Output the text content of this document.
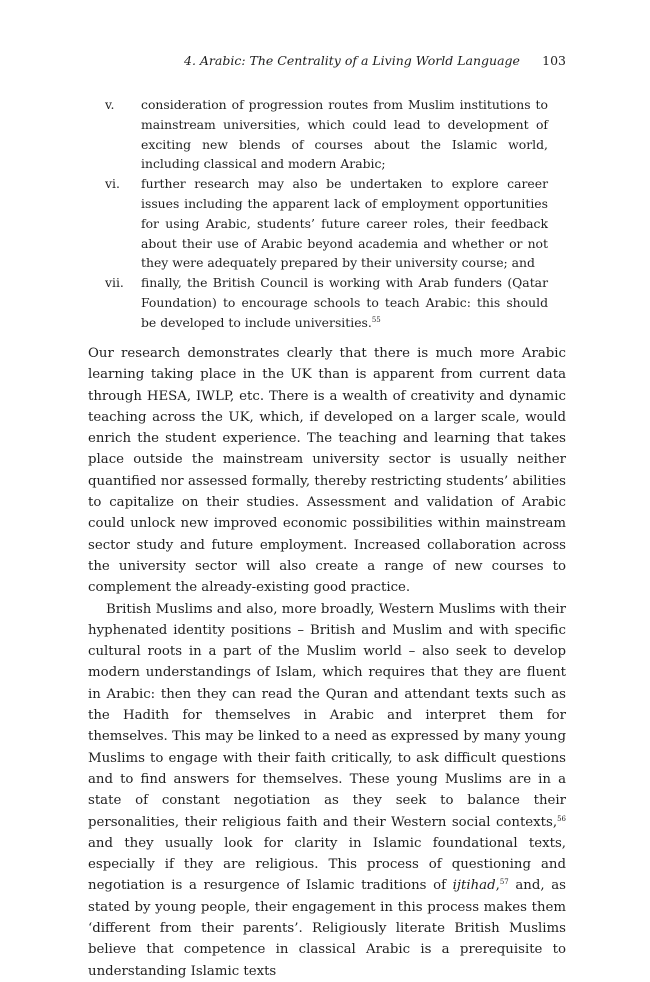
4. Arabic: The Centrality of a Living World Language 103
v.	consideration of progression routes from Muslim institutions to mainstream universities, which could lead to development of exciting new blends of courses about the Islamic world, including classical and modern Arabic;
vi.	further research may also be undertaken to explore career issues including the apparent lack of employment opportunities for using Arabic, students’ future career roles, their feedback about their use of Arabic beyond academia and whether or not they were adequately prepared by their university course; and
vii.	finally, the British Council is working with Arab funders (Qatar Foundation) to encourage schools to teach Arabic: this should be developed to include universities.$^{55}$

Our research demonstrates clearly that there is much more Arabic learning taking place in the UK than is apparent from current data through HESA, IWLP, etc. There is a wealth of creativity and dynamic teaching across the UK, which, if developed on a larger scale, would enrich the student experience. The teaching and learning that takes place outside the mainstream university sector is usually neither quantified nor assessed formally, thereby restricting students’ abilities to capitalize on their studies. Assessment and validation of Arabic could unlock new improved economic possibilities within mainstream sector study and future employment. Increased collaboration across the university sector will also create a range of new courses to complement the already-existing good practice.

British Muslims and also, more broadly, Western Muslims with their hyphenated identity positions – British and Muslim and with specific cultural roots in a part of the Muslim world – also seek to develop modern understandings of Islam, which requires that they are fluent in Arabic: then they can read the Quran and attendant texts such as the Hadith for themselves in Arabic and interpret them for themselves. This may be linked to a need as expressed by many young Muslims to engage with their faith critically, to ask difficult questions and to find answers for themselves. These young Muslims are in a state of constant negotiation as they seek to balance their personalities, their religious faith and their Western social contexts,$^{56}$ and they usually look for clarity in Islamic foundational texts, especially if they are religious. This process of questioning and negotiation is a resurgence of Islamic traditions of ijtihad,$^{57}$ and, as stated by young people, their engagement in this process makes them ‘different from their parents’. Religiously literate British Muslims believe that competence in classical Arabic is a prerequisite to understanding Islamic texts
